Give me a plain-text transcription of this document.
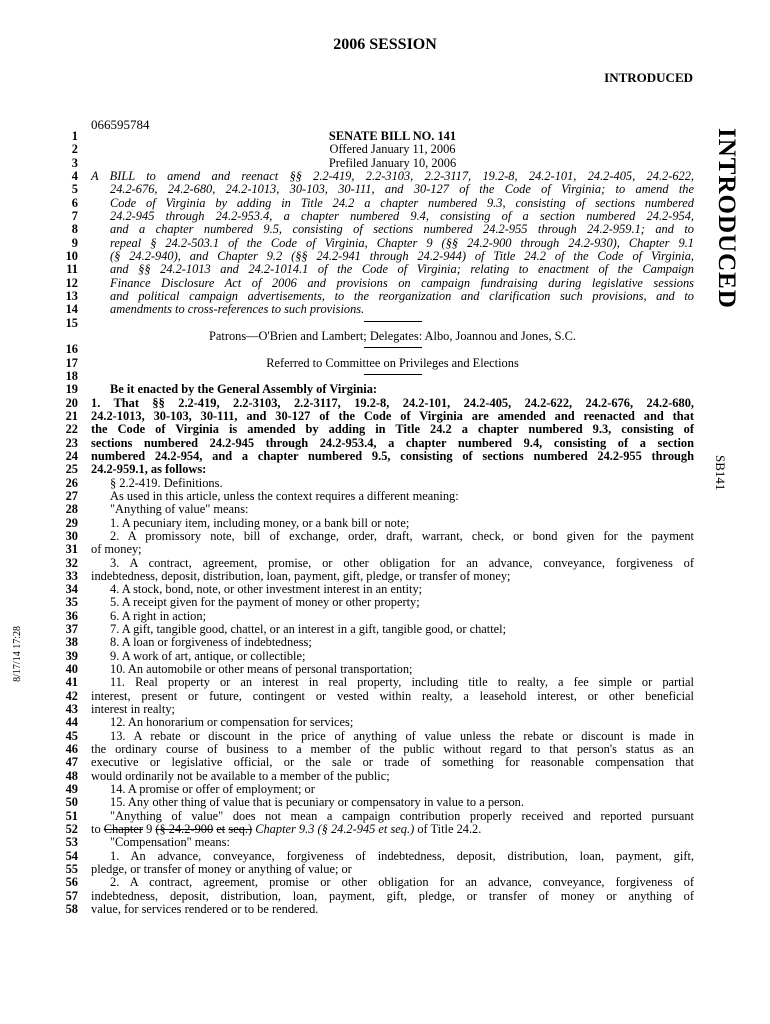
2006 SESSION
INTRODUCED
066595784
INTRODUCED
SB141
8/17/14 17:28
1	SENATE BILL NO. 141
2	Offered January 11, 2006
3	Prefiled January 10, 2006
4 A BILL to amend and reenact §§ 2.2-419, 2.2-3103, 2.2-3117, 19.2-8, 24.2-101, 24.2-405, 24.2-622,
5	24.2-676, 24.2-680, 24.2-1013, 30-103, 30-111, and 30-127 of the Code of Virginia; to amend the
6	Code of Virginia by adding in Title 24.2 a chapter numbered 9.3, consisting of sections numbered
7	24.2-945 through 24.2-953.4, a chapter numbered 9.4, consisting of a section numbered 24.2-954,
8	and a chapter numbered 9.5, consisting of sections numbered 24.2-955 through 24.2-959.1; and to
9	repeal § 24.2-503.1 of the Code of Virginia, Chapter 9 (§§ 24.2-900 through 24.2-930), Chapter 9.1
10	(§ 24.2-940), and Chapter 9.2 (§§ 24.2-941 through 24.2-944) of Title 24.2 of the Code of Virginia,
11	and §§ 24.2-1013 and 24.2-1014.1 of the Code of Virginia; relating to enactment of the Campaign
12	Finance Disclosure Act of 2006 and provisions on campaign fundraising during legislative sessions
13	and political campaign advertisements, to the reorganization and clarification such provisions, and to
14	amendments to cross-references to such provisions.
15
Patrons—O'Brien and Lambert; Delegates: Albo, Joannou and Jones, S.C.
16
17	Referred to Committee on Privileges and Elections
18
19	Be it enacted by the General Assembly of Virginia:
20 1. That §§ 2.2-419, 2.2-3103, 2.2-3117, 19.2-8, 24.2-101, 24.2-405, 24.2-622, 24.2-676, 24.2-680,
21 24.2-1013, 30-103, 30-111, and 30-127 of the Code of Virginia are amended and reenacted and that
22 the Code of Virginia is amended by adding in Title 24.2 a chapter numbered 9.3, consisting of
23 sections numbered 24.2-945 through 24.2-953.4, a chapter numbered 9.4, consisting of a section
24 numbered 24.2-954, and a chapter numbered 9.5, consisting of sections numbered 24.2-955 through
25 24.2-959.1, as follows:
26	§ 2.2-419. Definitions.
27	As used in this article, unless the context requires a different meaning:
28	"Anything of value" means:
29	1. A pecuniary item, including money, or a bank bill or note;
30	2. A promissory note, bill of exchange, order, draft, warrant, check, or bond given for the payment
31 of money;
32	3. A contract, agreement, promise, or other obligation for an advance, conveyance, forgiveness of
33 indebtedness, deposit, distribution, loan, payment, gift, pledge, or transfer of money;
34	4. A stock, bond, note, or other investment interest in an entity;
35	5. A receipt given for the payment of money or other property;
36	6. A right in action;
37	7. A gift, tangible good, chattel, or an interest in a gift, tangible good, or chattel;
38	8. A loan or forgiveness of indebtedness;
39	9. A work of art, antique, or collectible;
40	10. An automobile or other means of personal transportation;
41	11. Real property or an interest in real property, including title to realty, a fee simple or partial
42 interest, present or future, contingent or vested within realty, a leasehold interest, or other beneficial
43 interest in realty;
44	12. An honorarium or compensation for services;
45	13. A rebate or discount in the price of anything of value unless the rebate or discount is made in
46 the ordinary course of business to a member of the public without regard to that person's status as an
47 executive or legislative official, or the sale or trade of something for reasonable compensation that
48 would ordinarily not be available to a member of the public;
49	14. A promise or offer of employment; or
50	15. Any other thing of value that is pecuniary or compensatory in value to a person.
51	"Anything of value" does not mean a campaign contribution properly received and reported pursuant
52 to Chapter 9 (§ 24.2-900 et seq.) Chapter 9.3 (§ 24.2-945 et seq.) of Title 24.2.
53	"Compensation" means:
54	1. An advance, conveyance, forgiveness of indebtedness, deposit, distribution, loan, payment, gift,
55 pledge, or transfer of money or anything of value; or
56	2. A contract, agreement, promise or other obligation for an advance, conveyance, forgiveness of
57 indebtedness, deposit, distribution, loan, payment, gift, pledge, or transfer of money or anything of
58 value, for services rendered or to be rendered.
